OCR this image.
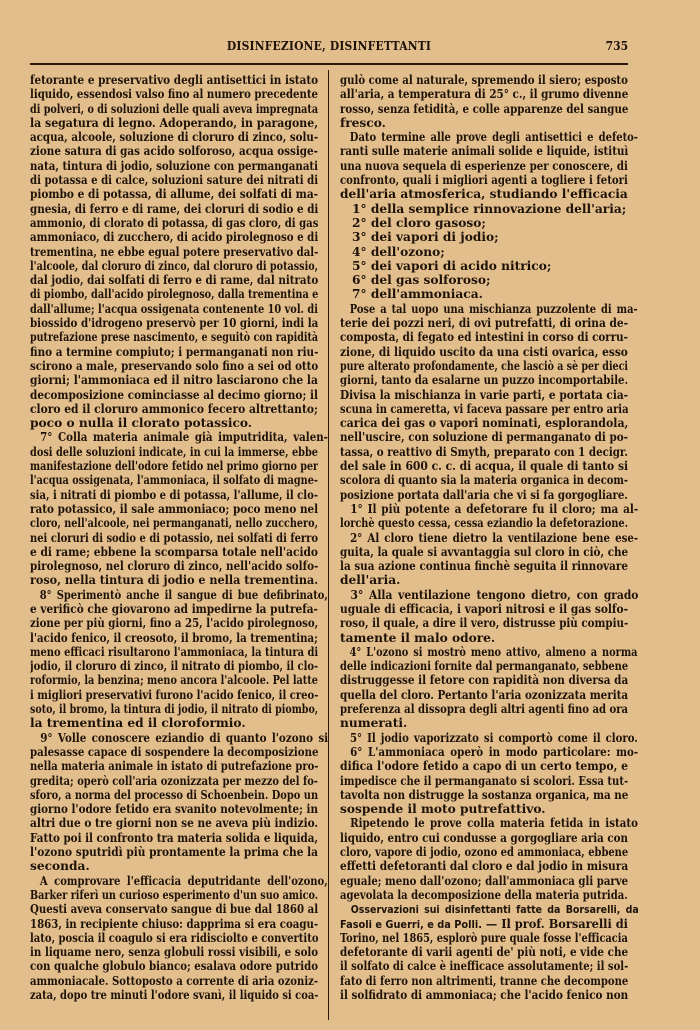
DISINFEZIONE, DISINFETTANTI	735
fetorante e preservativo degli antisettici in istato
liquido, essendosi valso fino al numero precedente
di polveri, o di soluzioni delle quali aveva impregnata
la segatura di legno. Adoperando, in paragone,
acqua, alcoole, soluzione di cloruro di zinco, solu-
zione satura di gas acido solforoso, acqua ossige-
nata, tintura di jodio, soluzione con permanganati
di potassa e di calce, soluzioni sature dei nitrati di
piombo e di potassa, di allume, dei solfati di ma-
gnesia, di ferro e di rame, dei cloruri di sodio e di
ammonio, di clorato di potassa, di gas cloro, di gas
ammoniaco, di zucchero, di acido pirolegnoso e di
trementina, ne ebbe egual potere preservativo dal-
l'alcoole, dal cloruro di zinco, dal cloruro di potassio,
dal jodio, dai solfati di ferro e di rame, dal nitrato
di piombo, dall'acido pirolegnoso, dalla trementina e
dall'allume; l'acqua ossigenata contenente 10 vol. di
biossido d'idrogeno preservò per 10 giorni, indi la
putrefazione prese nascimento, e seguitò con rapidità
fino a termine compiuto; i permanganati non riu-
scirono a male, preservando solo fino a sei od otto
giorni; l'ammoniaca ed il nitro lasciarono che la
decomposizione cominciasse al decimo giorno; il
cloro ed il cloruro ammonico fecero altrettanto;
poco o nulla il clorato potassico.
7° Colla materia animale già imputridita, valen-
dosi delle soluzioni indicate, in cui la immerse, ebbe
manifestazione dell'odore fetido nel primo giorno per
l'acqua ossigenata, l'ammoniaca, il solfato di magne-
sia, i nitrati di piombo e di potassa, l'allume, il clo-
rato potassico, il sale ammoniaco; poco meno nel
cloro, nell'alcoole, nei permanganati, nello zucchero,
nei cloruri di sodio e di potassio, nei solfati di ferro
e di rame; ebbene la scomparsa totale nell'acido
pirolegnoso, nel cloruro di zinco, nell'acido solfo-
roso, nella tintura di jodio e nella trementina.
8° Sperimentò anche il sangue di bue defibrinato,
e verificò che giovarono ad impedirne la putrefa-
zione per più giorni, fino a 25, l'acido pirolegnoso,
l'acido fenico, il creosoto, il bromo, la trementina;
meno efficaci risultarono l'ammoniaca, la tintura di
jodio, il cloruro di zinco, il nitrato di piombo, il clo-
roformio, la benzina; meno ancora l'alcoole. Pel latte
i migliori preservativi furono l'acido fenico, il creo-
soto, il bromo, la tintura di jodio, il nitrato di piombo,
la trementina ed il cloroformio.
9° Volle conoscere eziandio di quanto l'ozono si
palesasse capace di sospendere la decomposizione
nella materia animale in istato di putrefazione pro-
gredita; operò coll'aria ozonizzata per mezzo del fo-
sforo, a norma del processo di Schoenbein. Dopo un
giorno l'odore fetido era svanito notevolmente; in
altri due o tre giorni non se ne aveva più indizio.
Fatto poi il confronto tra materia solida e liquida,
l'ozono sputridì più prontamente la prima che la
seconda.
A comprovare l'efficacia deputridante dell'ozono,
Barker riferì un curioso esperimento d'un suo amico.
Questi aveva conservato sangue di bue dal 1860 al
1863, in recipiente chiuso: dapprima si era coagu-
lato, poscia il coagulo si era ridisciolto e convertito
in liquame nero, senza globuli rossi visibili, e solo
con qualche globulo bianco; esalava odore putrido
ammoniacale. Sottoposto a corrente di aria ozoniz-
zata, dopo tre minuti l'odore svanì, il liquido si coa-
gulò come al naturale, spremendo il siero; esposto
all'aria, a temperatura di 25° c., il grumo divenne
rosso, senza fetidità, e colle apparenze del sangue
fresco.
Dato termine alle prove degli antisettici e defeto-
ranti sulle materie animali solide e liquide, istituì
una nuova sequela di esperienze per conoscere, di
confronto, quali i migliori agenti a togliere i fetori
dell'aria atmosferica, studiando l'efficacia
1° della semplice rinnovazione dell'aria;
2° del cloro gasoso;
3° dei vapori di jodio;
4° dell'ozono;
5° dei vapori di acido nitrico;
6° del gas solforoso;
7° dell'ammoniaca.
Pose a tal uopo una mischianza puzzolente di ma-
terie dei pozzi neri, di ovi putrefatti, di orina de-
composta, di fegato ed intestini in corso di corru-
zione, di liquido uscito da una cisti ovarica, esso
pure alterato profondamente, che lasciò a sè per dieci
giorni, tanto da esalarne un puzzo incomportabile.
Divisa la mischianza in varie parti, e portata cia-
scuna in cameretta, vi faceva passare per entro aria
carica dei gas o vapori nominati, esplorandola,
nell'uscire, con soluzione di permanganato di po-
tassa, o reattivo di Smyth, preparato con 1 decigr.
del sale in 600 c. c. di acqua, il quale di tanto si
scolora di quanto sia la materia organica in decom-
posizione portata dall'aria che vi si fa gorgogliare.
1° Il più potente a defetorare fu il cloro; ma al-
lorchè questo cessa, cessa eziandio la defetorazione.
2° Al cloro tiene dietro la ventilazione bene ese-
guita, la quale si avvantaggia sul cloro in ciò, che
la sua azione continua finchè seguita il rinnovare
dell'aria.
3° Alla ventilazione tengono dietro, con grado
uguale di efficacia, i vapori nitrosi e il gas solfo-
roso, il quale, a dire il vero, distrusse più compiu-
tamente il malo odore.
4° L'ozono si mostrò meno attivo, almeno a norma
delle indicazioni fornite dal permanganato, sebbene
distruggesse il fetore con rapidità non diversa da
quella del cloro. Pertanto l'aria ozonizzata merita
preferenza al dissopra degli altri agenti fino ad ora
numerati.
5° Il jodio vaporizzato si comportò come il cloro.
6° L'ammoniaca operò in modo particolare: mo-
difica l'odore fetido a capo di un certo tempo, e
impedisce che il permanganato si scolori. Essa tut-
tavolta non distrugge la sostanza organica, ma ne
sospende il moto putrefattivo.
Ripetendo le prove colla materia fetida in istato
liquido, entro cui condusse a gorgogliare aria con
cloro, vapore di jodio, ozono ed ammoniaca, ebbene
effetti defetoranti dal cloro e dal jodio in misura
eguale; meno dall'ozono; dall'ammoniaca gli parve
agevolata la decomposizione della materia putrida.
Osservazioni sui disinfettanti fatte da Borsarelli, da
Fasoli e Guerri, e da Polli. — Il prof. Borsarelli di
Torino, nel 1865, esplorò pure quale fosse l'efficacia
defetorante di varii agenti de' più noti, e vide che
il solfato di calce è inefficace assolutamente; il sol-
fato di ferro non altrimenti, tranne che decompone
il solfidrato di ammoniaca; che l'acido fenico non
